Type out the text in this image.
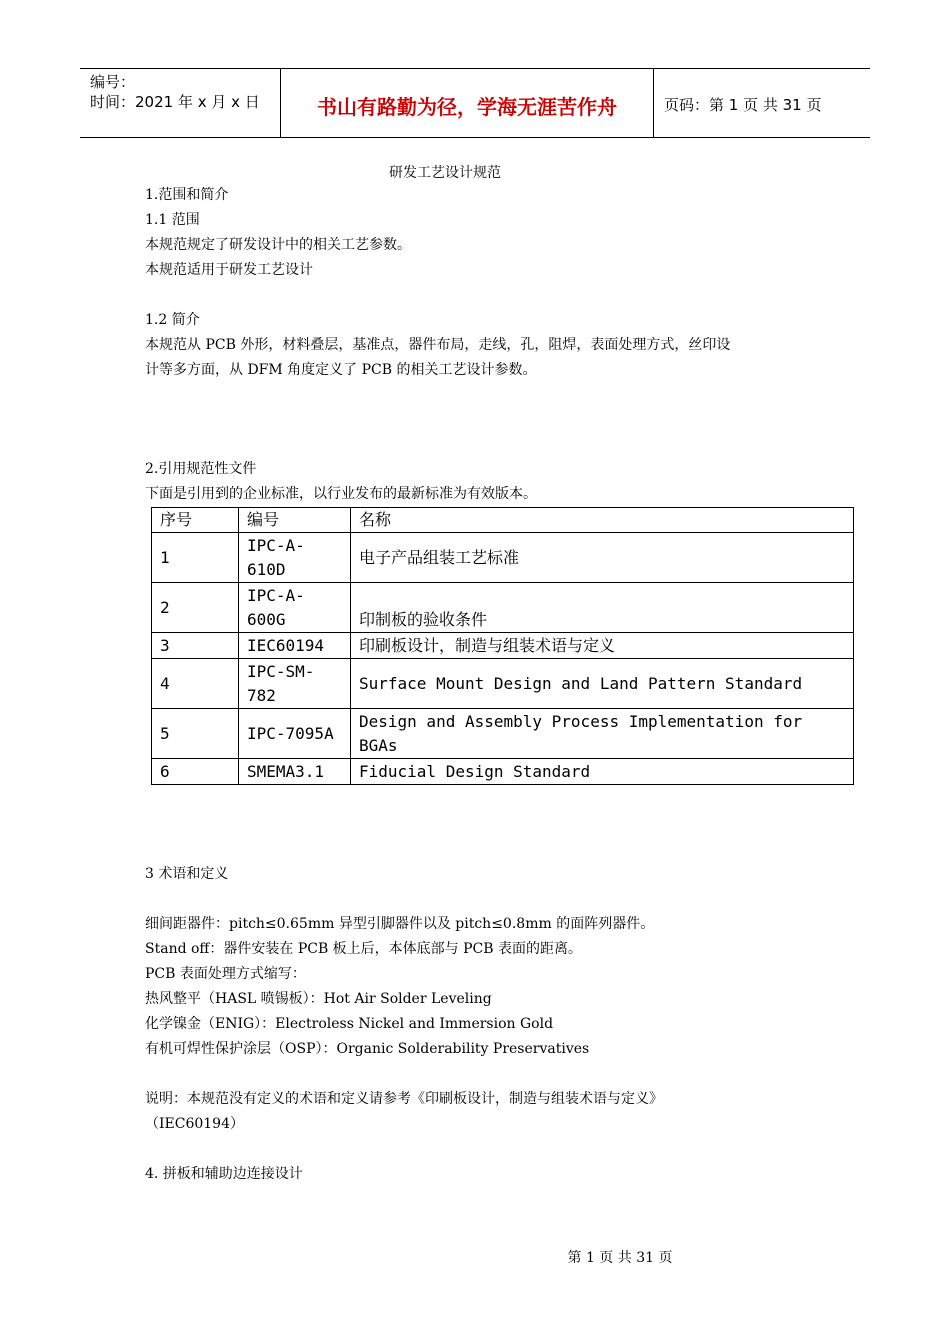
编号：
时间：2021 年 x 月 x 日	书山有路勤为径，学海无涯苦作舟	页码：第 1 页 共 31 页
研发工艺设计规范
1.范围和简介
1.1 范围
本规范规定了研发设计中的相关工艺参数。
本规范适用于研发工艺设计
1.2 简介
本规范从 PCB 外形，材料叠层，基准点，器件布局，走线，孔，阻焊，表面处理方式，丝印设
计等多方面，从 DFM 角度定义了 PCB 的相关工艺设计参数。
2.引用规范性文件
下面是引用到的企业标准，以行业发布的最新标准为有效版本。
序号	编号	名称
1	IPC-A-610D	电子产品组装工艺标准
2	IPC-A-600G	印制板的验收条件
3	IEC60194	印刷板设计，制造与组装术语与定义
4	IPC-SM-782	Surface Mount Design and Land Pattern Standard
5	IPC-7095A	Design and Assembly Process Implementation for BGAs
6	SMEMA3.1	Fiducial Design Standard
3 术语和定义
细间距器件：pitch≤0.65mm 异型引脚器件以及 pitch≤0.8mm 的面阵列器件。
Stand off：器件安装在 PCB 板上后，本体底部与 PCB 表面的距离。
PCB 表面处理方式缩写：
热风整平（HASL 喷锡板）：Hot Air Solder Leveling
化学镍金（ENIG）：Electroless Nickel and Immersion Gold
有机可焊性保护涂层（OSP）：Organic Solderability Preservatives
说明：本规范没有定义的术语和定义请参考《印刷板设计，制造与组装术语与定义》
（IEC60194）
4. 拼板和辅助边连接设计
第 1 页 共 31 页
